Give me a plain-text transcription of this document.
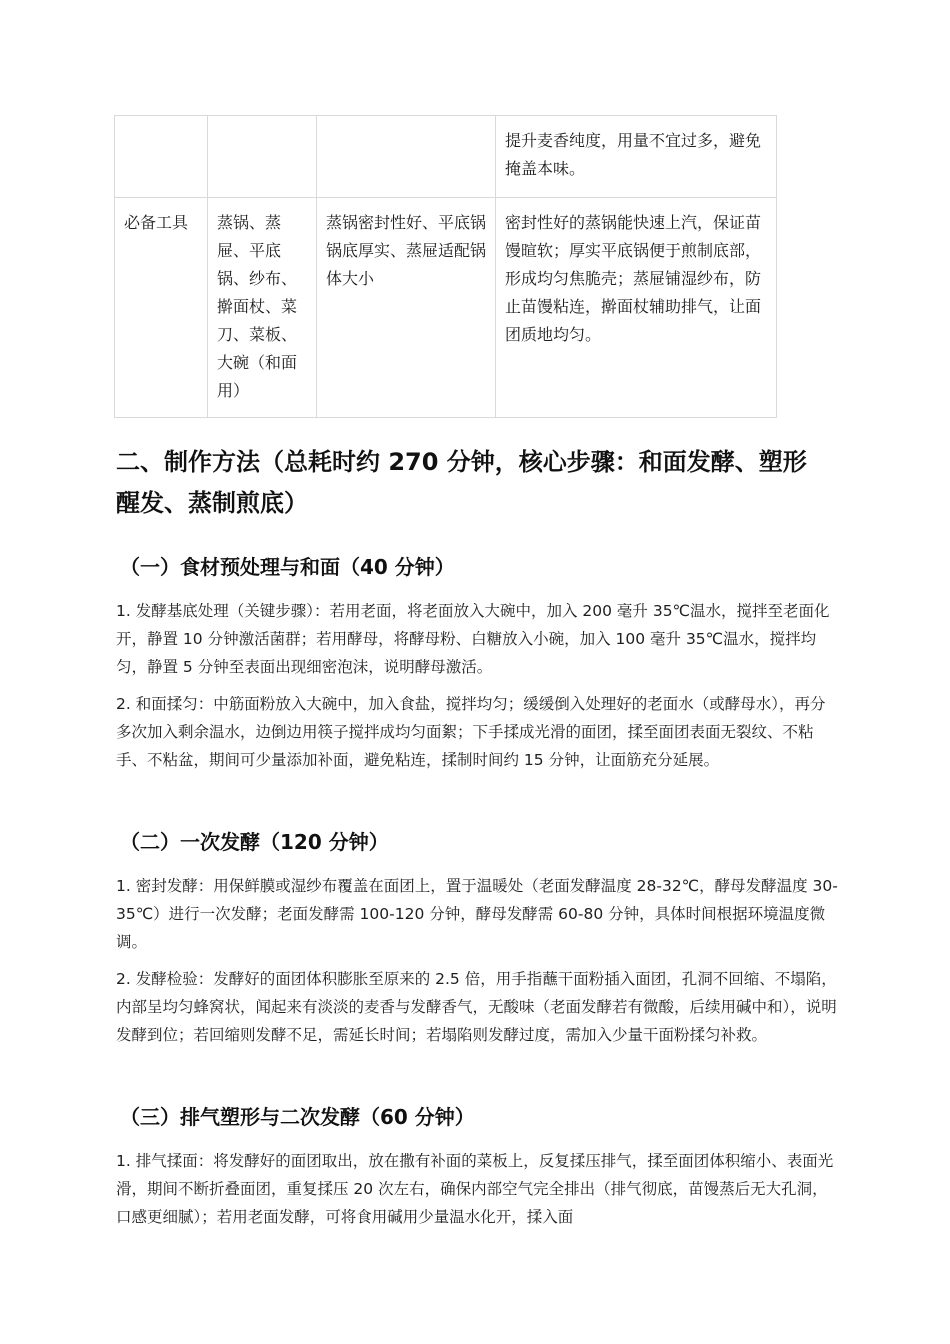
			提升麦香纯度，用量不宜过多，避免掩盖本味。
必备工具	蒸锅、蒸屉、平底锅、纱布、擀面杖、菜刀、菜板、大碗（和面用）	蒸锅密封性好、平底锅锅底厚实、蒸屉适配锅体大小	密封性好的蒸锅能快速上汽，保证苗馒暄软；厚实平底锅便于煎制底部，形成均匀焦脆壳；蒸屉铺湿纱布，防止苗馒粘连，擀面杖辅助排气，让面团质地均匀。
二、制作方法（总耗时约 270 分钟，核心步骤：和面发酵、塑形醒发、蒸制煎底）
（一）食材预处理与和面（40 分钟）

1. 发酵基底处理（关键步骤）：若用老面，将老面放入大碗中，加入 200 毫升 35℃温水，搅拌至老面化开，静置 10 分钟激活菌群；若用酵母，将酵母粉、白糖放入小碗，加入 100 毫升 35℃温水，搅拌均匀，静置 5 分钟至表面出现细密泡沫，说明酵母激活。

2. 和面揉匀：中筋面粉放入大碗中，加入食盐，搅拌均匀；缓缓倒入处理好的老面水（或酵母水），再分多次加入剩余温水，边倒边用筷子搅拌成均匀面絮；下手揉成光滑的面团，揉至面团表面无裂纹、不粘手、不粘盆，期间可少量添加补面，避免粘连，揉制时间约 15 分钟，让面筋充分延展。

（二）一次发酵（120 分钟）

1. 密封发酵：用保鲜膜或湿纱布覆盖在面团上，置于温暖处（老面发酵温度 28-32℃，酵母发酵温度 30-35℃）进行一次发酵；老面发酵需 100-120 分钟，酵母发酵需 60-80 分钟，具体时间根据环境温度微调。

2. 发酵检验：发酵好的面团体积膨胀至原来的 2.5 倍，用手指蘸干面粉插入面团，孔洞不回缩、不塌陷，内部呈均匀蜂窝状，闻起来有淡淡的麦香与发酵香气，无酸味（老面发酵若有微酸，后续用碱中和），说明发酵到位；若回缩则发酵不足，需延长时间；若塌陷则发酵过度，需加入少量干面粉揉匀补救。

（三）排气塑形与二次发酵（60 分钟）

1. 排气揉面：将发酵好的面团取出，放在撒有补面的菜板上，反复揉压排气，揉至面团体积缩小、表面光滑，期间不断折叠面团，重复揉压 20 次左右，确保内部空气完全排出（排气彻底，苗馒蒸后无大孔洞，口感更细腻）；若用老面发酵，可将食用碱用少量温水化开，揉入面
